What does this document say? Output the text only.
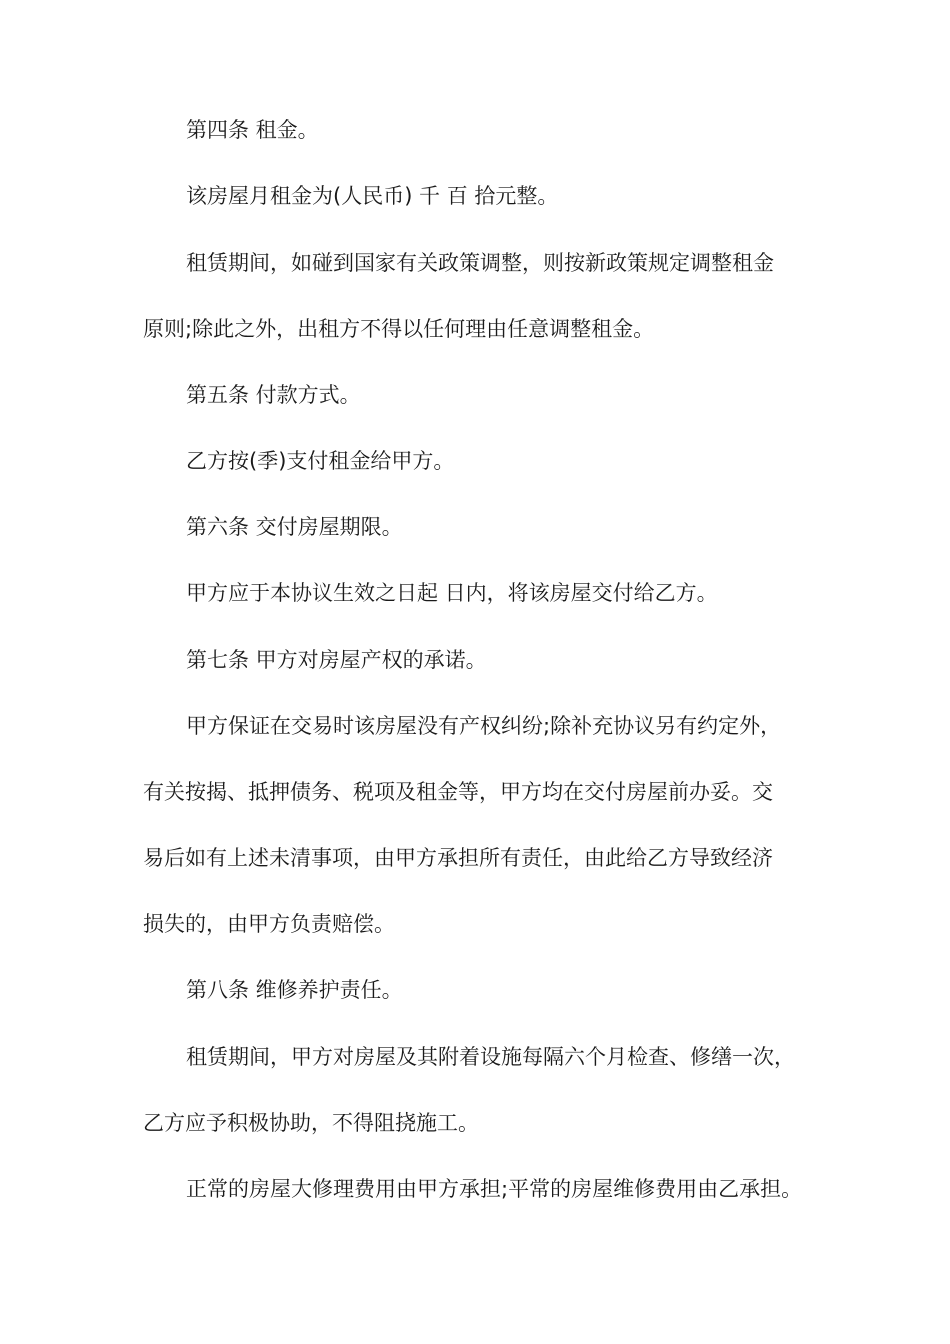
第四条 租金。
该房屋月租金为(人民币) 千 百 拾元整。
租赁期间，如碰到国家有关政策调整，则按新政策规定调整租金
原则;除此之外，出租方不得以任何理由任意调整租金。
第五条 付款方式。
乙方按(季)支付租金给甲方。
第六条 交付房屋期限。
甲方应于本协议生效之日起 日内，将该房屋交付给乙方。
第七条 甲方对房屋产权的承诺。
甲方保证在交易时该房屋没有产权纠纷;除补充协议另有约定外，
有关按揭、抵押债务、税项及租金等，甲方均在交付房屋前办妥。交
易后如有上述未清事项，由甲方承担所有责任，由此给乙方导致经济
损失的，由甲方负责赔偿。
第八条 维修养护责任。
租赁期间，甲方对房屋及其附着设施每隔六个月检查、修缮一次，
乙方应予积极协助，不得阻挠施工。
正常的房屋大修理费用由甲方承担;平常的房屋维修费用由乙承担。
